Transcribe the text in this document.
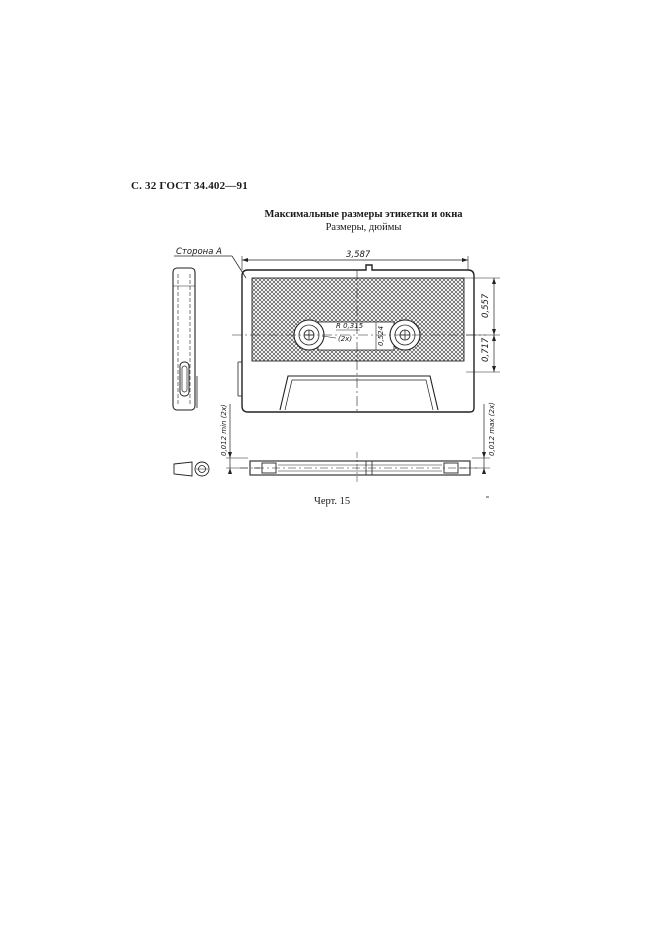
С. 32 ГОСТ 34.402—91
Максимальные размеры этикетки и окна
Размеры, дюймы
Сторона А	3,587
0,557
0,717
R 0,315
(2х)	0,524
0,012 min (2х)	0,012 max (2х)
Черт. 15
